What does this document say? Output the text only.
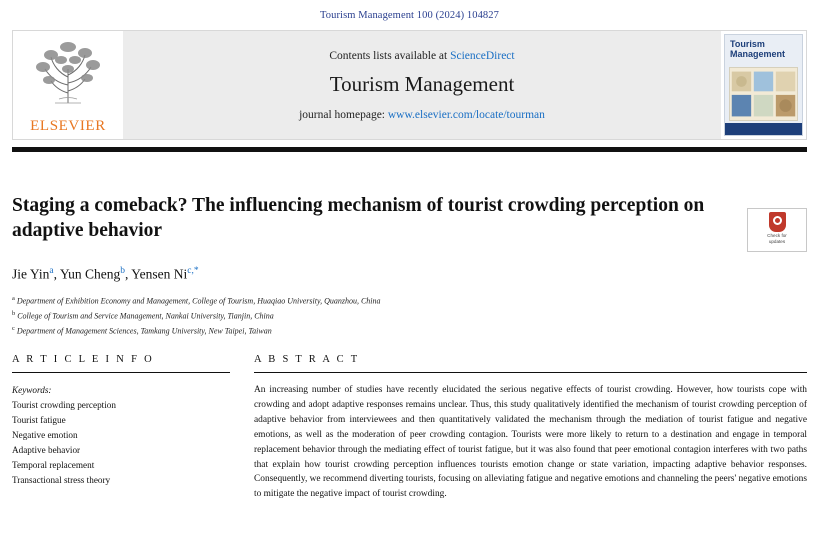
Tourism Management 100 (2024) 104827
ELSEVIER
Contents lists available at ScienceDirect
Tourism Management
journal homepage: www.elsevier.com/locate/tourman
Tourism Management
Check for
updates
Staging a comeback? The influencing mechanism of tourist crowding perception on adaptive behavior
Jie Yin$^a$, Yun Cheng$^b$, Yensen Ni$^{c,*}$
$^a$ Department of Exhibition Economy and Management, College of Tourism, Huaqiao University, Quanzhou, China
$^b$ College of Tourism and Service Management, Nankai University, Tianjin, China
$^c$ Department of Management Sciences, Tamkang University, New Taipei, Taiwan
A R T I C L E I N F O
Keywords:
Tourist crowding perception
Tourist fatigue
Negative emotion
Adaptive behavior
Temporal replacement
Transactional stress theory
A B S T R A C T
An increasing number of studies have recently elucidated the serious negative effects of tourist crowding. However, how tourists cope with crowding and adopt adaptive responses remains unclear. Thus, this study qualitatively identified the mechanism of tourist crowding perception of adaptive behavior from interviewees and then quantitatively validated the mechanism through the mediation of tourist fatigue and negative emotions, as well as the moderation of peer crowding contagion. Tourists were more likely to return to a destination and engage in temporal replacement behavior through the mediating effect of tourist fatigue, but it was also found that peer emotional contagion interferes with two paths that explain how tourist crowding perception influences tourists emotion change or state variation, impacting adaptive behavior responses. Consequently, we recommend diverting tourists, focusing on alleviating fatigue and negative emotions and channeling the peers' negative emotions to mitigate the negative impact of tourist crowding.
